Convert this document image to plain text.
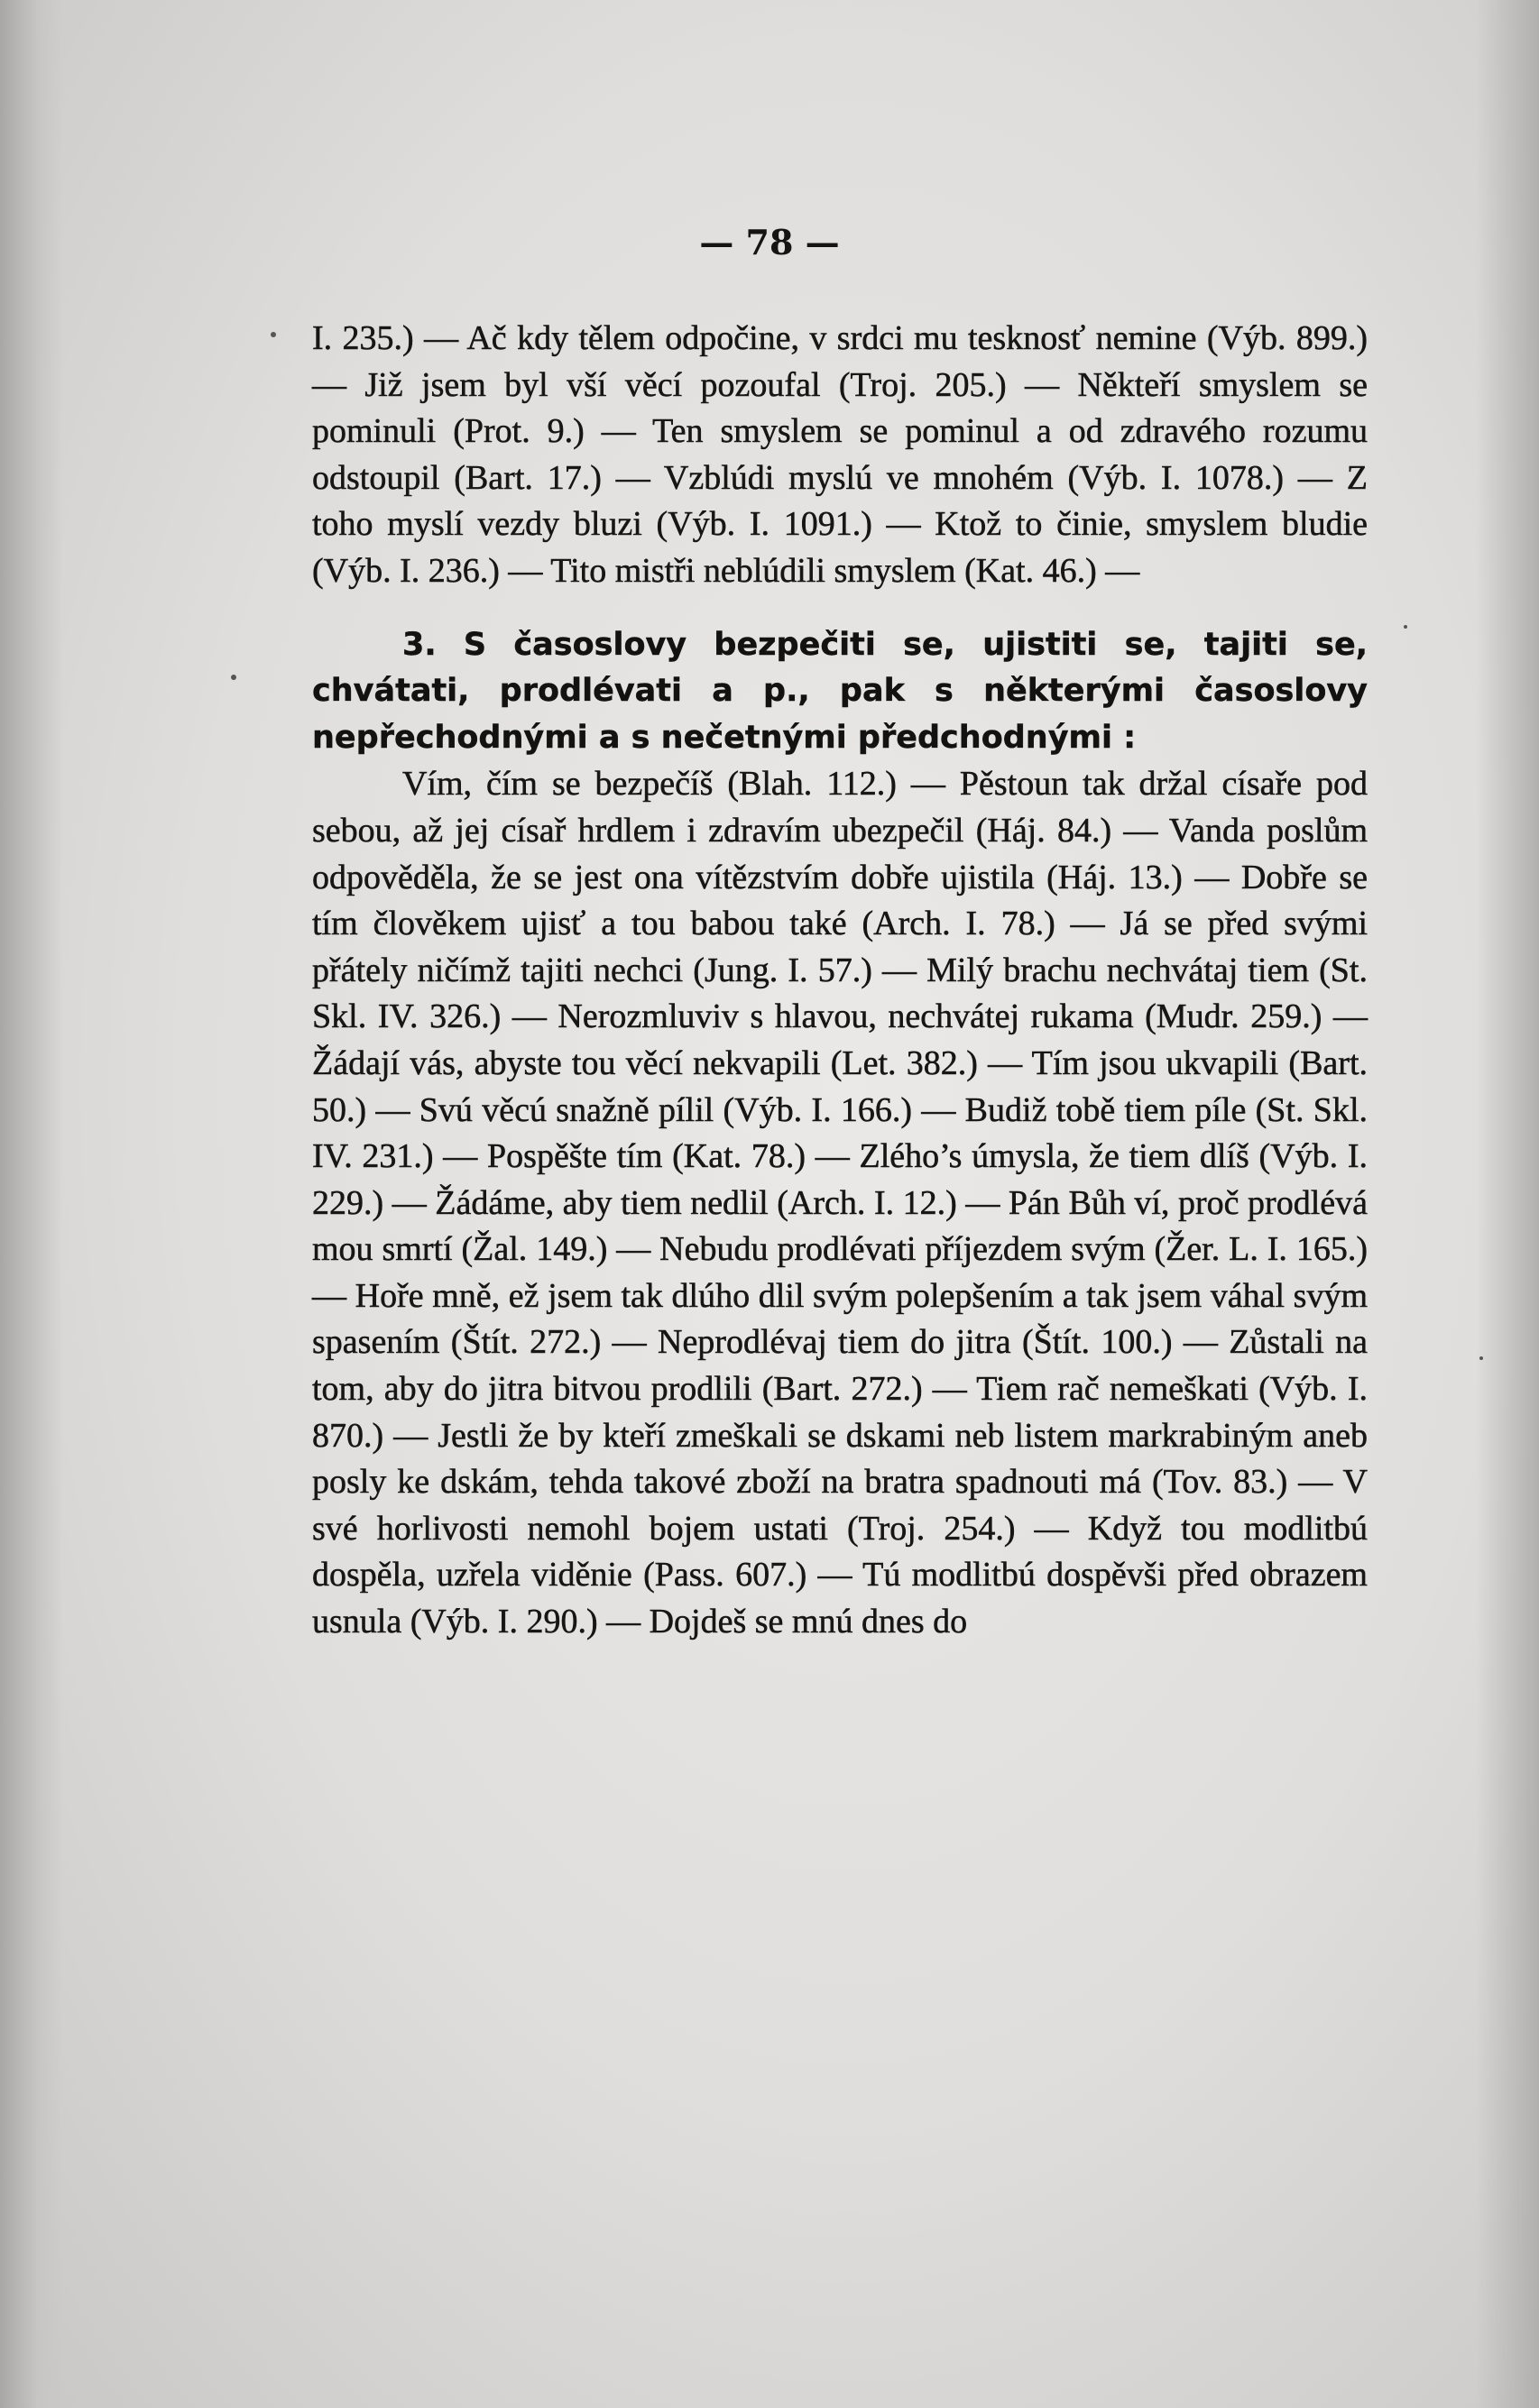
— 78 —

I. 235.) — Ač kdy tělem odpočine, v srdci mu tesknosť nemine (Výb. 899.) — Již jsem byl vší věcí pozoufal (Troj. 205.) — Někteří smyslem se pominuli (Prot. 9.) — Ten smyslem se pominul a od zdravého rozumu odstoupil (Bart. 17.) — Vzblúdi myslú ve mnohém (Výb. I. 1078.) — Z toho myslí vezdy bluzi (Výb. I. 1091.) — Ktož to činie, smyslem bludie (Výb. I. 236.) — Tito mistři neblúdili smyslem (Kat. 46.) —

3. S časoslovy bezpečiti se, ujistiti se, tajiti se, chvátati, prodlévati a p., pak s některými časoslovy nepřechodnými a s nečetnými předchodnými :

Vím, čím se bezpečíš (Blah. 112.) — Pěstoun tak držal císaře pod sebou, až jej císař hrdlem i zdravím ubezpečil (Háj. 84.) — Vanda poslům odpověděla, že se jest ona vítězstvím dobře ujistila (Háj. 13.) — Dobře se tím člověkem ujisť a tou babou také (Arch. I. 78.) — Já se před svými přátely ničímž tajiti nechci (Jung. I. 57.) — Milý brachu nechvátaj tiem (St. Skl. IV. 326.) — Nerozmluviv s hlavou, nechvátej rukama (Mudr. 259.) — Žádají vás, abyste tou věcí nekvapili (Let. 382.) — Tím jsou ukvapili (Bart. 50.) — Svú věcú snažně pílil (Výb. I. 166.) — Budiž tobě tiem píle (St. Skl. IV. 231.) — Pospěšte tím (Kat. 78.) — Zlého’s úmysla, že tiem dlíš (Výb. I. 229.) — Žádáme, aby tiem nedlil (Arch. I. 12.) — Pán Bůh ví, proč prodlévá mou smrtí (Žal. 149.) — Nebudu prodlévati příjezdem svým (Žer. L. I. 165.) — Hoře mně, ež jsem tak dlúho dlil svým polepšením a tak jsem váhal svým spasením (Štít. 272.) — Neprodlévaj tiem do jitra (Štít. 100.) — Zůstali na tom, aby do jitra bitvou prodlili (Bart. 272.) — Tiem rač nemeškati (Výb. I. 870.) — Jestli že by kteří zmeškali se dskami neb listem markrabiným aneb posly ke dskám, tehda takové zboží na bratra spadnouti má (Tov. 83.) — V své horlivosti nemohl bojem ustati (Troj. 254.) — Když tou modlitbú dospěla, uzřela viděnie (Pass. 607.) — Tú modlitbú dospěvši před obrazem usnula (Výb. I. 290.) — Dojdeš se mnú dnes do
